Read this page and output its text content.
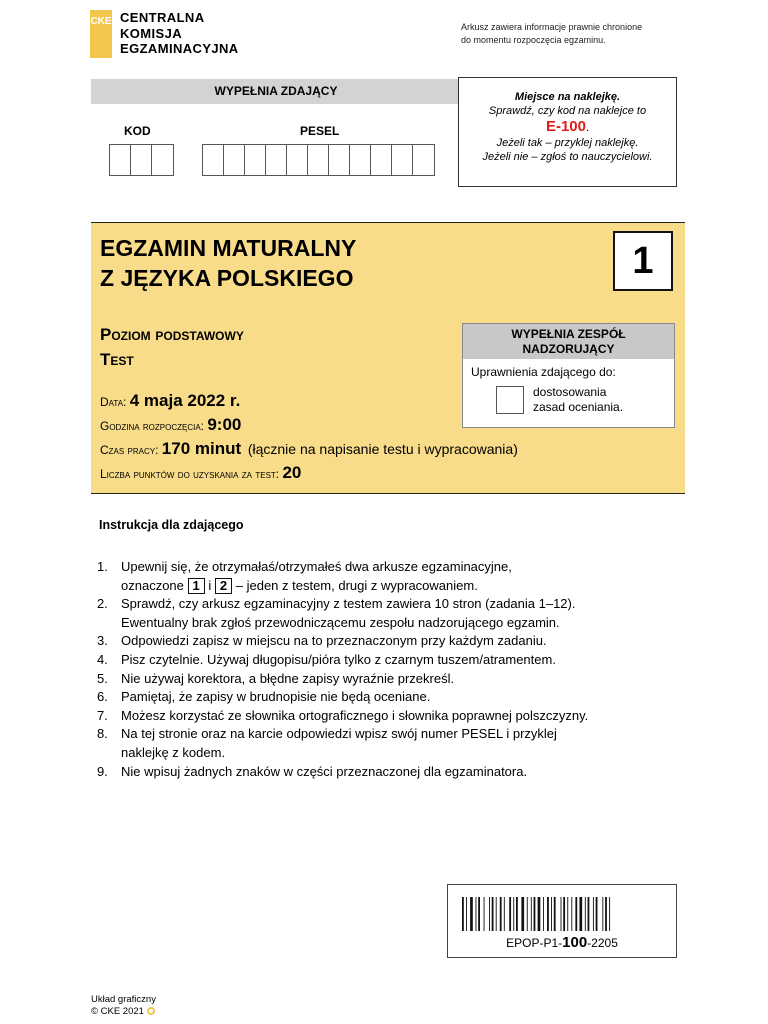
CKE CENTRALNA
KOMISJA
EGZAMINACYJNA
Arkusz zawiera informacje prawnie chronione
do momentu rozpoczęcia egzaminu.
WYPEŁNIA ZDAJĄCY
KOD	PESEL
Miejsce na naklejkę.
Sprawdź, czy kod na naklejce to
E-100.
Jeżeli tak – przyklej naklejkę.
Jeżeli nie – zgłoś to nauczycielowi.
EGZAMIN MATURALNY
Z JĘZYKA POLSKIEGO	1
Poziom podstawowy
Test
Data: 4 maja 2022 r.
Godzina rozpoczęcia: 9:00
Czas pracy: 170 minut (łącznie na napisanie testu i wypracowania)
Liczba punktów do uzyskania za test: 20
WYPEŁNIA ZESPÓŁ
NADZORUJĄCY
Uprawnienia zdającego do:
dostosowania
zasad oceniania.
Instrukcja dla zdającego
1. Upewnij się, że otrzymałaś/otrzymałeś dwa arkusze egzaminacyjne,
oznaczone 1 i 2 – jeden z testem, drugi z wypracowaniem.
2. Sprawdź, czy arkusz egzaminacyjny z testem zawiera 10 stron (zadania 1–12).
Ewentualny brak zgłoś przewodniczącemu zespołu nadzorującego egzamin.
3. Odpowiedzi zapisz w miejscu na to przeznaczonym przy każdym zadaniu.
4. Pisz czytelnie. Używaj długopisu/pióra tylko z czarnym tuszem/atramentem.
5. Nie używaj korektora, a błędne zapisy wyraźnie przekreśl.
6. Pamiętaj, że zapisy w brudnopisie nie będą oceniane.
7. Możesz korzystać ze słownika ortograficznego i słownika poprawnej polszczyzny.
8. Na tej stronie oraz na karcie odpowiedzi wpisz swój numer PESEL i przyklej
naklejkę z kodem.
9. Nie wpisuj żadnych znaków w części przeznaczonej dla egzaminatora.
EPOP-P1-100-2205
Układ graficzny
© CKE 2021
